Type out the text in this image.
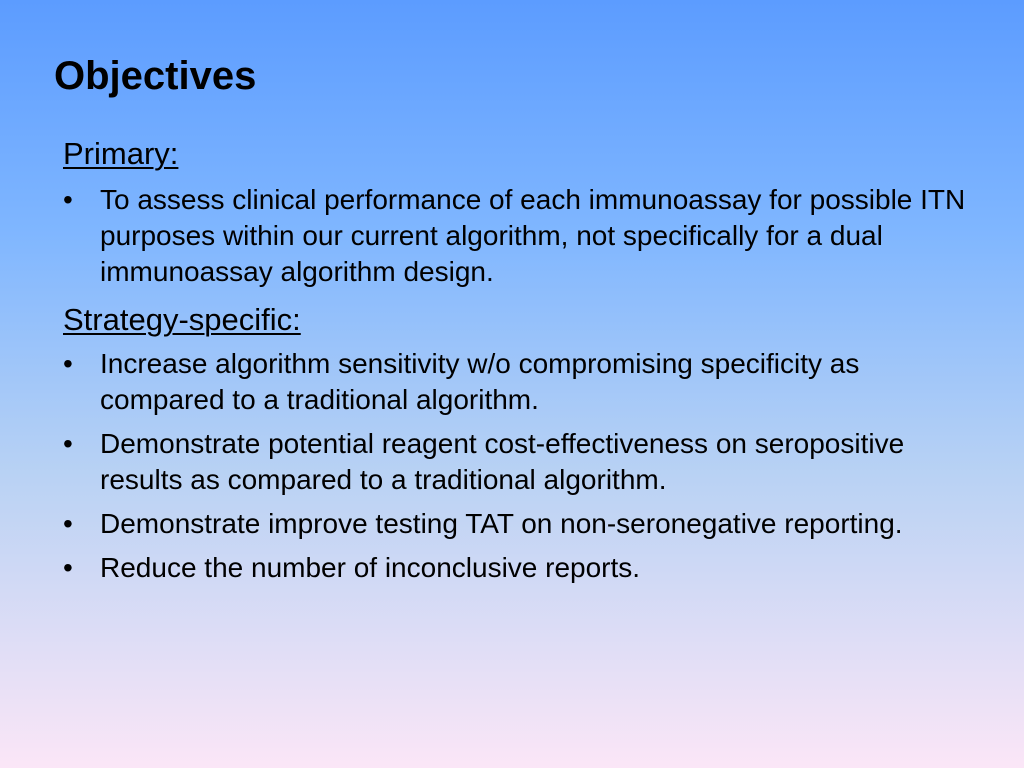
Objectives
Primary:
• To assess clinical performance of each immunoassay for possible ITN purposes within our current algorithm, not specifically for a dual immunoassay algorithm design.
Strategy-specific:
• Increase algorithm sensitivity w/o compromising specificity as compared to a traditional algorithm.
• Demonstrate potential reagent cost-effectiveness on seropositive results as compared to a traditional algorithm.
• Demonstrate improve testing TAT on non-seronegative reporting.
• Reduce the number of inconclusive reports.
